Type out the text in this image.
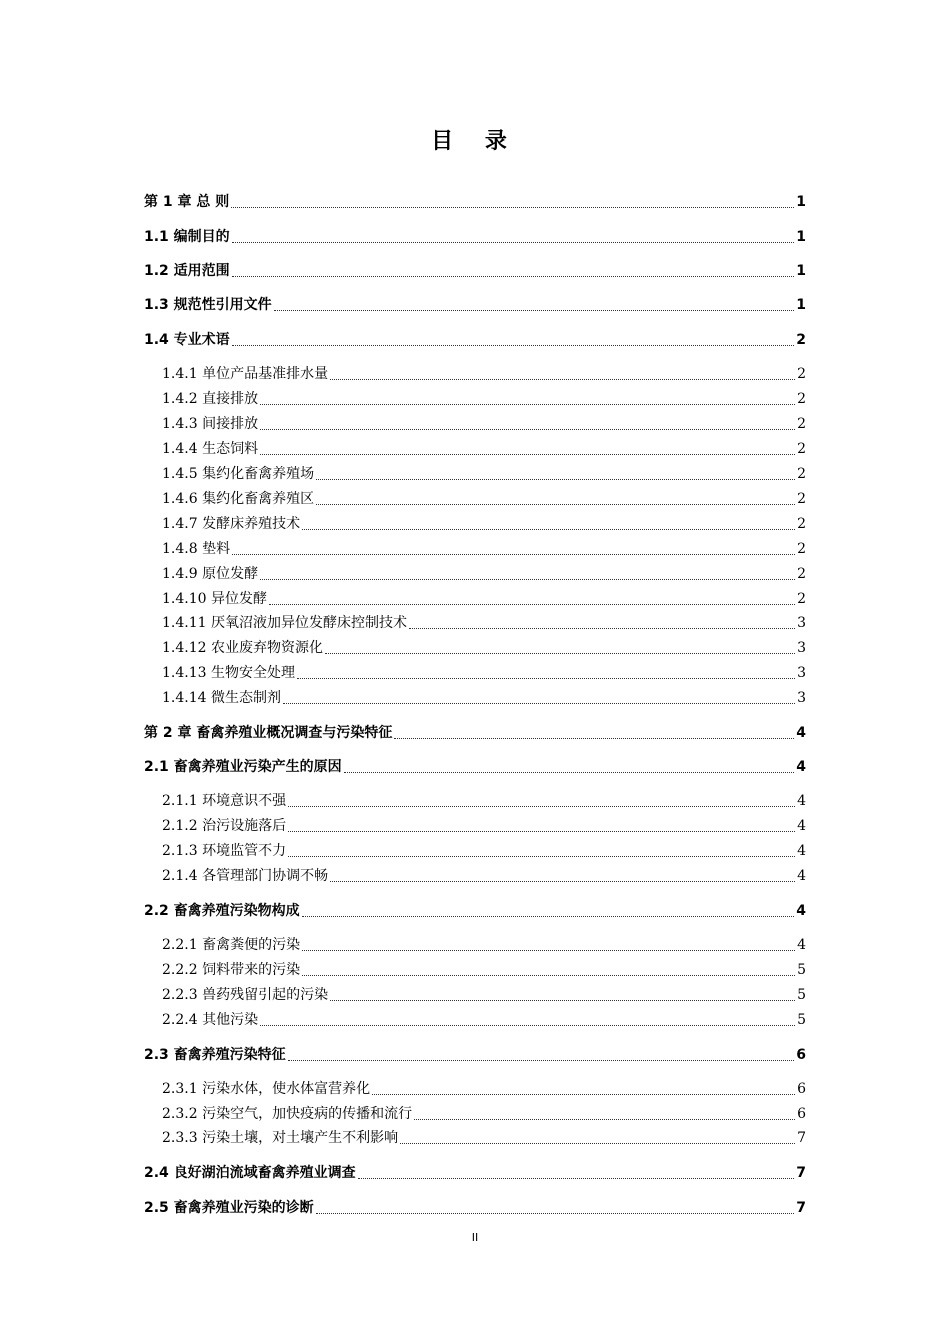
目 录
第 1 章 总 则	1
1.1 编制目的	1
1.2 适用范围	1
1.3 规范性引用文件	1
1.4 专业术语	2
1.4.1 单位产品基准排水量	2
1.4.2 直接排放	2
1.4.3 间接排放	2
1.4.4 生态饲料	2
1.4.5 集约化畜禽养殖场	2
1.4.6 集约化畜禽养殖区	2
1.4.7 发酵床养殖技术	2
1.4.8 垫料	2
1.4.9 原位发酵	2
1.4.10 异位发酵	2
1.4.11 厌氧沼液加异位发酵床控制技术	3
1.4.12 农业废弃物资源化	3
1.4.13 生物安全处理	3
1.4.14 微生态制剂	3
第 2 章 畜禽养殖业概况调查与污染特征	4
2.1 畜禽养殖业污染产生的原因	4
2.1.1 环境意识不强	4
2.1.2 治污设施落后	4
2.1.3 环境监管不力	4
2.1.4 各管理部门协调不畅	4
2.2 畜禽养殖污染物构成	4
2.2.1 畜禽粪便的污染	4
2.2.2 饲料带来的污染	5
2.2.3 兽药残留引起的污染	5
2.2.4 其他污染	5
2.3 畜禽养殖污染特征	6
2.3.1 污染水体，使水体富营养化	6
2.3.2 污染空气，加快疫病的传播和流行	6
2.3.3 污染土壤，对土壤产生不利影响	7
2.4 良好湖泊流域畜禽养殖业调查	7
2.5 畜禽养殖业污染的诊断	7
II
